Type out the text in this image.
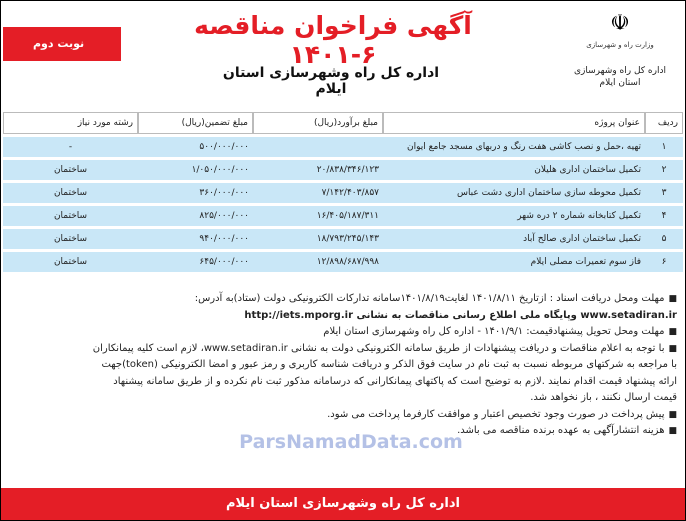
☫
وزارت راه و شهرسازی
اداره کل راه وشهرسازی
استان ایلام
آگهی فراخوان مناقصه ۶-۱۴۰۱
اداره کل راه وشهرسازی استان ایلام
نوبت دوم
ردیف	عنوان پروژه	مبلغ برآورد(ریال)	مبلغ تضمین(ریال)	رشته مورد نیاز
۱	تهیه ،حمل و نصب کاشی هفت رنگ و دربهای مسجد جامع ایوان		۵۰۰/۰۰۰/۰۰۰	-
۲	تکمیل ساختمان اداری هلیلان	۲۰/۸۳۸/۳۴۶/۱۲۳	۱/۰۵۰/۰۰۰/۰۰۰	ساختمان
۳	تکمیل محوطه سازی ساختمان اداری دشت عباس	۷/۱۴۲/۴۰۳/۸۵۷	۳۶۰/۰۰۰/۰۰۰	ساختمان
۴	تکمیل کتابخانه شماره ۲ دره شهر	۱۶/۴۰۵/۱۸۷/۳۱۱	۸۲۵/۰۰۰/۰۰۰	ساختمان
۵	تکمیل ساختمان اداری صالح آباد	۱۸/۷۹۳/۲۴۵/۱۴۳	۹۴۰/۰۰۰/۰۰۰	ساختمان
۶	فاز سوم تعمیرات مصلی ایلام	۱۲/۸۹۸/۶۸۷/۹۹۸	۶۴۵/۰۰۰/۰۰۰	ساختمان

■مهلت ومحل دریافت اسناد : ازتاریخ ۱۴۰۱/۸/۱۱ لغایت۱۴۰۱/۸/۱۹سامانه تدارکات الکترونیکی دولت (ستاد)به آدرس:

www.setadiran.ir وپایگاه ملی اطلاع رسانی مناقصات به نشانی http://iets.mporg.ir

■مهلت ومحل تحویل پیشنهادقیمت: ۱۴۰۱/۹/۱ - اداره کل راه وشهرسازی استان ایلام

■با توجه به اعلام مناقصات و دریافت پیشنهادات از طریق سامانه الکترونیکی دولت به نشانی www.setadiran.ir، لازم است کلیه پیمانکاران

با مراجعه به شرکتهای مربوطه نسبت به ثبت نام در سایت فوق الذکر و دریافت شناسه کاربری و رمز عبور و امضا الکترونیکی (token)جهت

ارائه پیشنهاد قیمت اقدام نمایند .لازم به توضیح است که پاکتهای پیمانکارانی که درسامانه مذکور ثبت نام نکرده و از طریق سامانه پیشنهاد

قیمت ارسال نکنند ، باز نخواهد شد.

■پیش پرداخت در صورت وجود تخصیص اعتبار و موافقت کارفرما پرداخت می شود.

■هزینه انتشارآگهی به عهده برنده مناقصه می باشد.

ParsNamadData.com
اداره کل راه وشهرسازی استان ایلام
